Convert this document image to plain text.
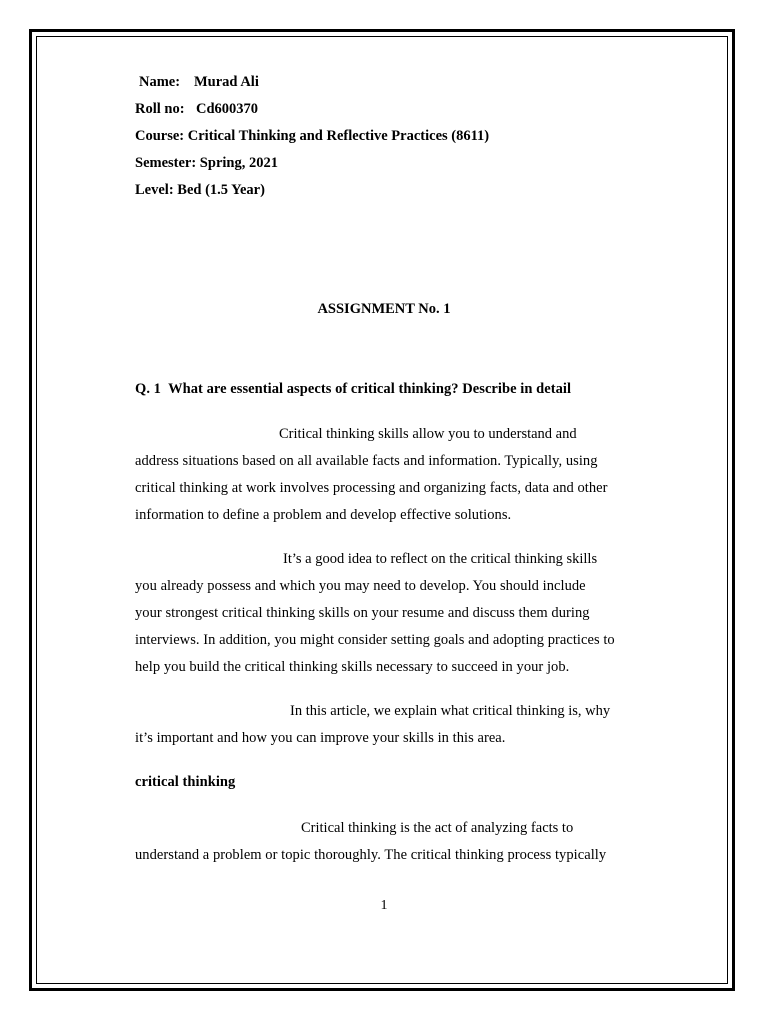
Name: Murad Ali
Roll no: Cd600370
Course: Critical Thinking and Reflective Practices (8611)
Semester: Spring, 2021
Level: Bed (1.5 Year)
ASSIGNMENT No. 1
Q. 1  What are essential aspects of critical thinking? Describe in detail
Critical thinking skills allow you to understand and
address situations based on all available facts and information. Typically, using
critical thinking at work involves processing and organizing facts, data and other
information to define a problem and develop effective solutions.
It’s a good idea to reflect on the critical thinking skills
you already possess and which you may need to develop. You should include
your strongest critical thinking skills on your resume and discuss them during
interviews. In addition, you might consider setting goals and adopting practices to
help you build the critical thinking skills necessary to succeed in your job.
In this article, we explain what critical thinking is, why
it’s important and how you can improve your skills in this area.
critical thinking
Critical thinking is the act of analyzing facts to
understand a problem or topic thoroughly. The critical thinking process typically
1
